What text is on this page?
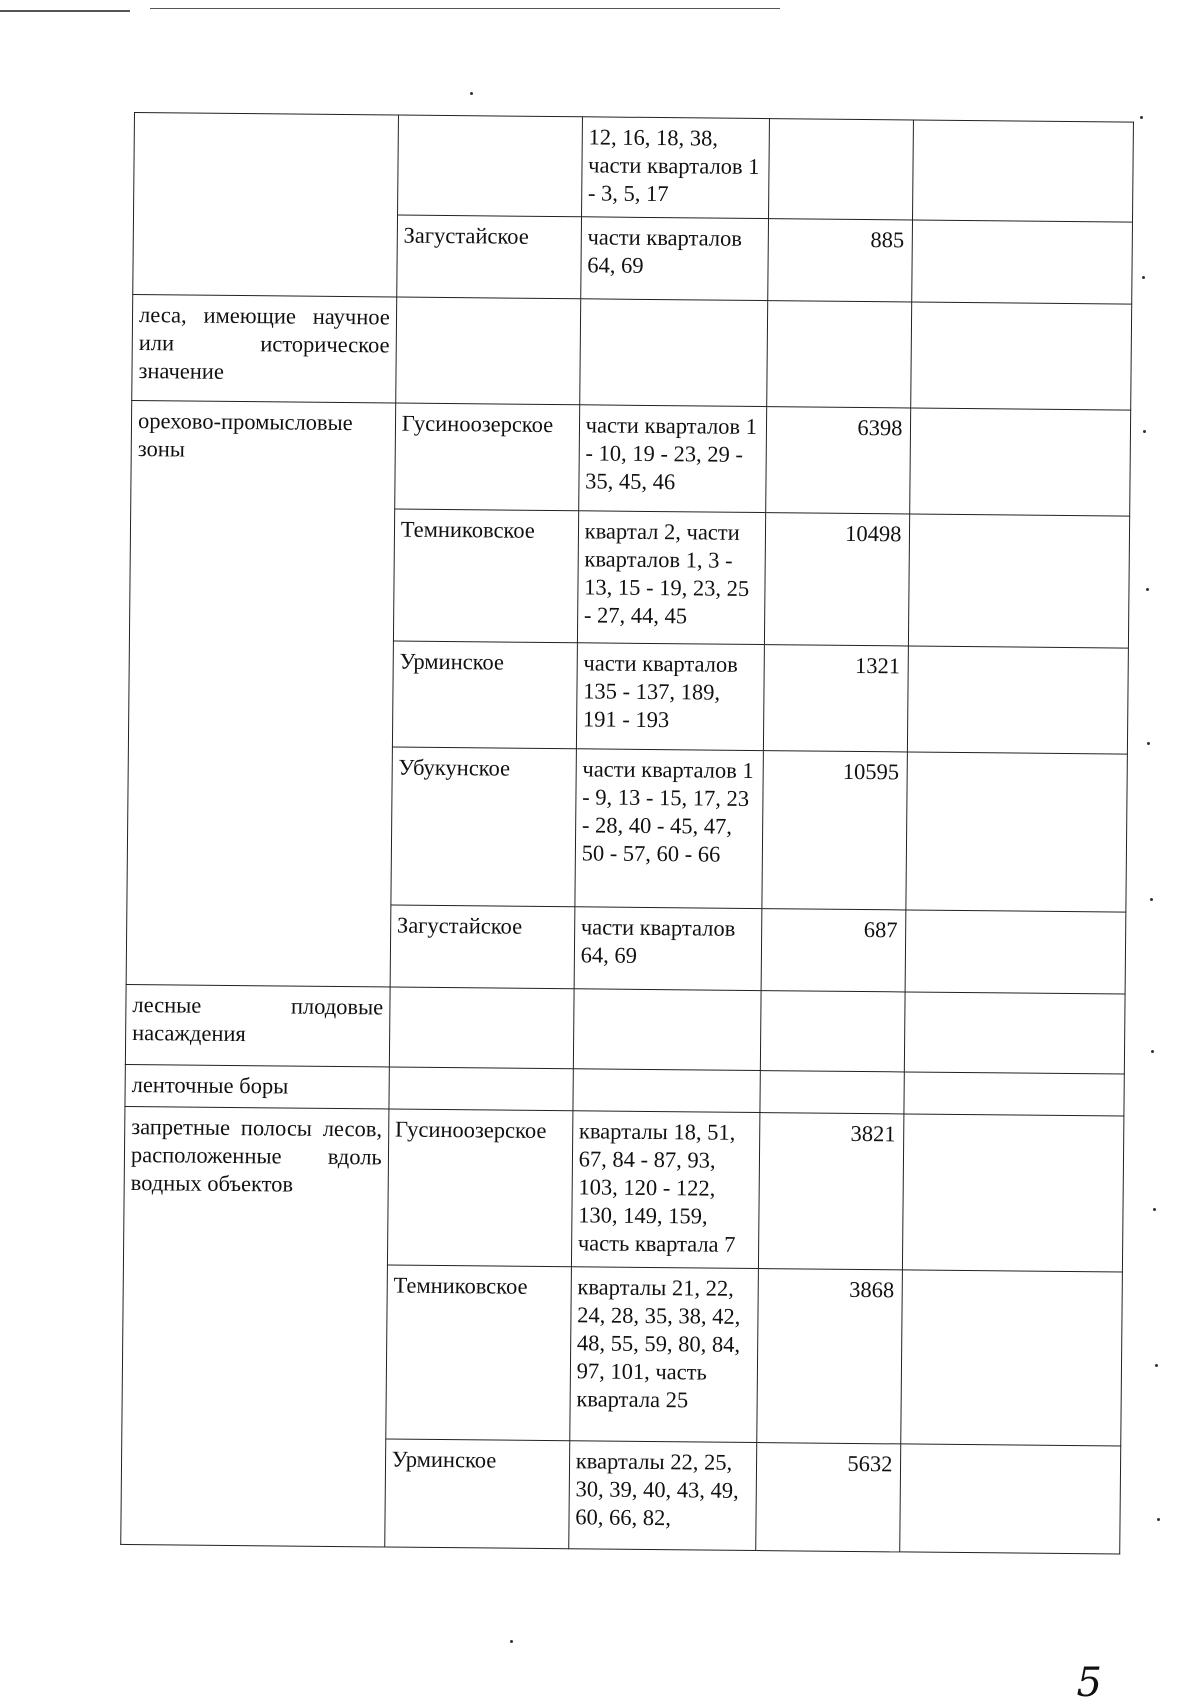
		12, 16, 18, 38, части кварталов 1 - 3, 5, 17		
	Загустайское	части кварталов 64, 69	885	
леса, имеющие научное или историческое значение				
орехово-промысловые зоны	Гусиноозерское	части кварталов 1 - 10, 19 - 23, 29 - 35, 45, 46	6398	
	Темниковское	квартал 2, части кварталов 1, 3 - 13, 15 - 19, 23, 25 - 27, 44, 45	10498	
	Урминское	части кварталов 135 - 137, 189, 191 - 193	1321	
	Убукунское	части кварталов 1 - 9, 13 - 15, 17, 23 - 28, 40 - 45, 47, 50 - 57, 60 - 66	10595	
	Загустайское	части кварталов 64, 69	687	
лесные плодовые насаждения				
ленточные боры				
запретные полосы лесов, расположенные вдоль водных объектов	Гусиноозерское	кварталы 18, 51, 67, 84 - 87, 93, 103, 120 - 122, 130, 149, 159, часть квартала 7	3821	
	Темниковское	кварталы 21, 22, 24, 28, 35, 38, 42, 48, 55, 59, 80, 84, 97, 101, часть квартала 25	3868	
	Урминское	кварталы 22, 25, 30, 39, 40, 43, 49, 60, 66, 82,	5632	
5
